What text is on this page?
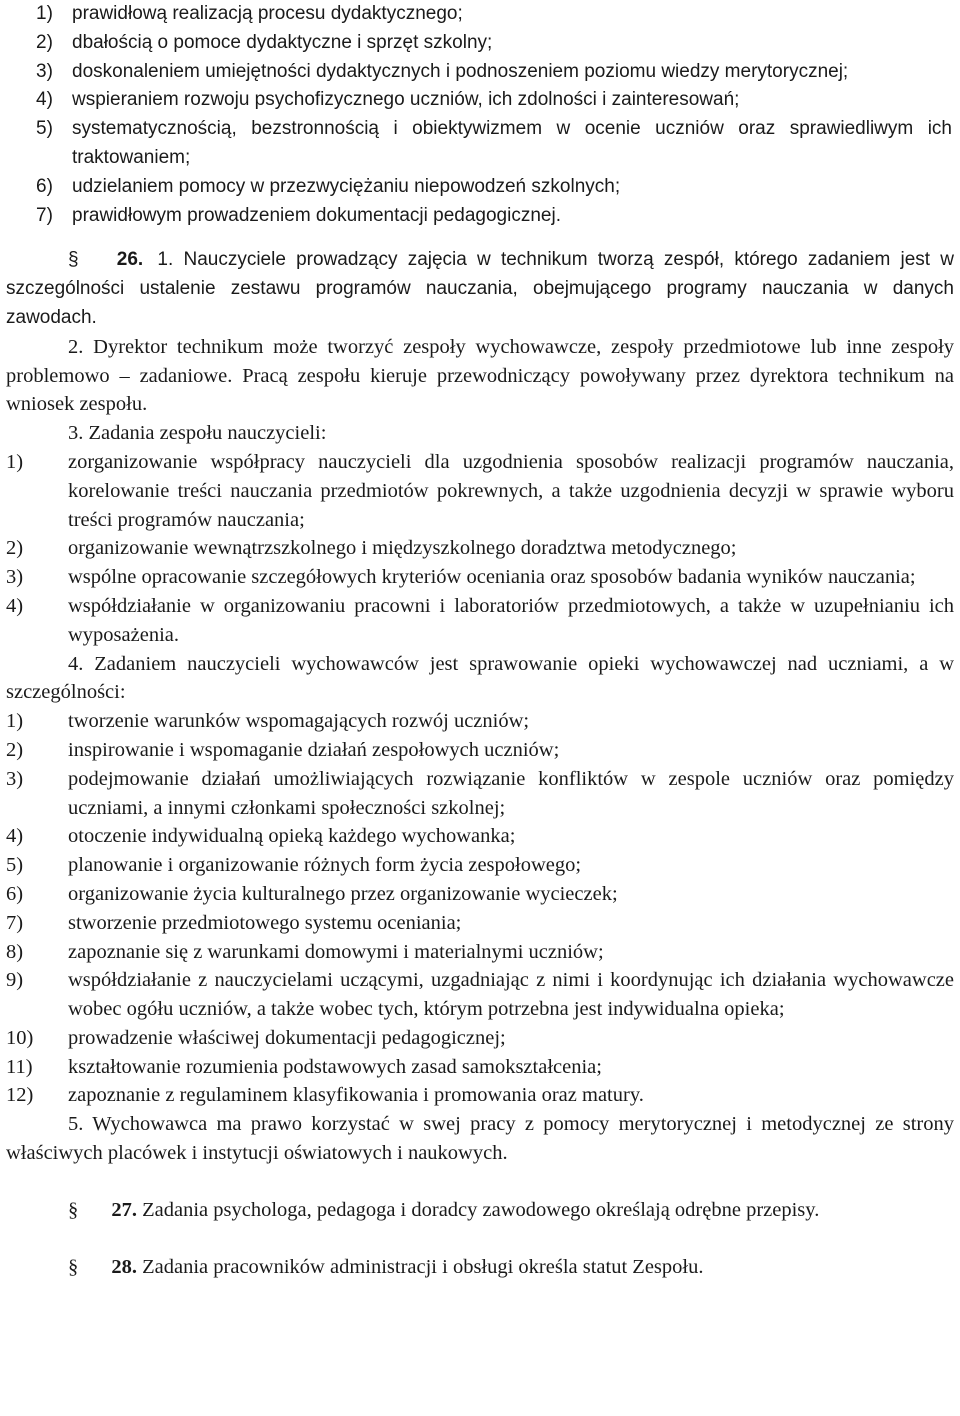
1)	prawidłową realizacją procesu dydaktycznego;
2)	dbałością o pomoce dydaktyczne i sprzęt szkolny;
3)	doskonaleniem umiejętności dydaktycznych i podnoszeniem poziomu wiedzy merytorycznej;
4)	wspieraniem rozwoju psychofizycznego uczniów, ich zdolności i zainteresowań;
5)	systematycznością, bezstronnością i obiektywizmem w ocenie uczniów oraz sprawiedliwym ich traktowaniem;
6)	udzielaniem pomocy w przezwyciężaniu niepowodzeń szkolnych;
7)	prawidłowym prowadzeniem dokumentacji pedagogicznej.

§ 26. 1. Nauczyciele prowadzący zajęcia w technikum tworzą zespół, którego zadaniem jest w szczególności ustalenie zestawu programów nauczania, obejmującego programy nauczania w danych zawodach.

2. Dyrektor technikum może tworzyć zespoły wychowawcze, zespoły przedmiotowe lub inne zespoły problemowo – zadaniowe. Pracą zespołu kieruje przewodniczący powoływany przez dyrektora technikum na wniosek zespołu.

3. Zadania zespołu nauczycieli:

1)	zorganizowanie współpracy nauczycieli dla uzgodnienia sposobów realizacji programów nauczania, korelowanie treści nauczania przedmiotów pokrewnych, a także uzgodnienia decyzji w sprawie wyboru treści programów nauczania;
2)	organizowanie wewnątrzszkolnego i międzyszkolnego doradztwa metodycznego;
3)	wspólne opracowanie szczegółowych kryteriów oceniania oraz sposobów badania wyników nauczania;
4)	współdziałanie w organizowaniu pracowni i laboratoriów przedmiotowych, a także w uzupełnianiu ich wyposażenia.

4. Zadaniem nauczycieli wychowawców jest sprawowanie opieki wychowawczej nad uczniami, a w szczególności:

1)	tworzenie warunków wspomagających rozwój uczniów;
2)	inspirowanie i wspomaganie działań zespołowych uczniów;
3)	podejmowanie działań umożliwiających rozwiązanie konfliktów w zespole uczniów oraz pomiędzy uczniami, a innymi członkami społeczności szkolnej;
4)	otoczenie indywidualną opieką każdego wychowanka;
5)	planowanie i organizowanie różnych form życia zespołowego;
6)	organizowanie życia kulturalnego przez organizowanie wycieczek;
7)	stworzenie przedmiotowego systemu oceniania;
8)	zapoznanie się z warunkami domowymi i materialnymi uczniów;
9)	współdziałanie z nauczycielami uczącymi, uzgadniając z nimi i koordynując ich działania wychowawcze wobec ogółu uczniów, a także wobec tych, którym potrzebna jest indywidualna opieka;
10)	prowadzenie właściwej dokumentacji pedagogicznej;
11)	kształtowanie rozumienia podstawowych zasad samokształcenia;
12)	zapoznanie z regulaminem klasyfikowania i promowania oraz matury.

5. Wychowawca ma prawo korzystać w swej pracy z pomocy merytorycznej i metodycznej ze strony właściwych placówek i instytucji oświatowych i naukowych.

§ 27. Zadania psychologa, pedagoga i doradcy zawodowego określają odrębne przepisy.

§ 28. Zadania pracowników administracji i obsługi określa statut Zespołu.
